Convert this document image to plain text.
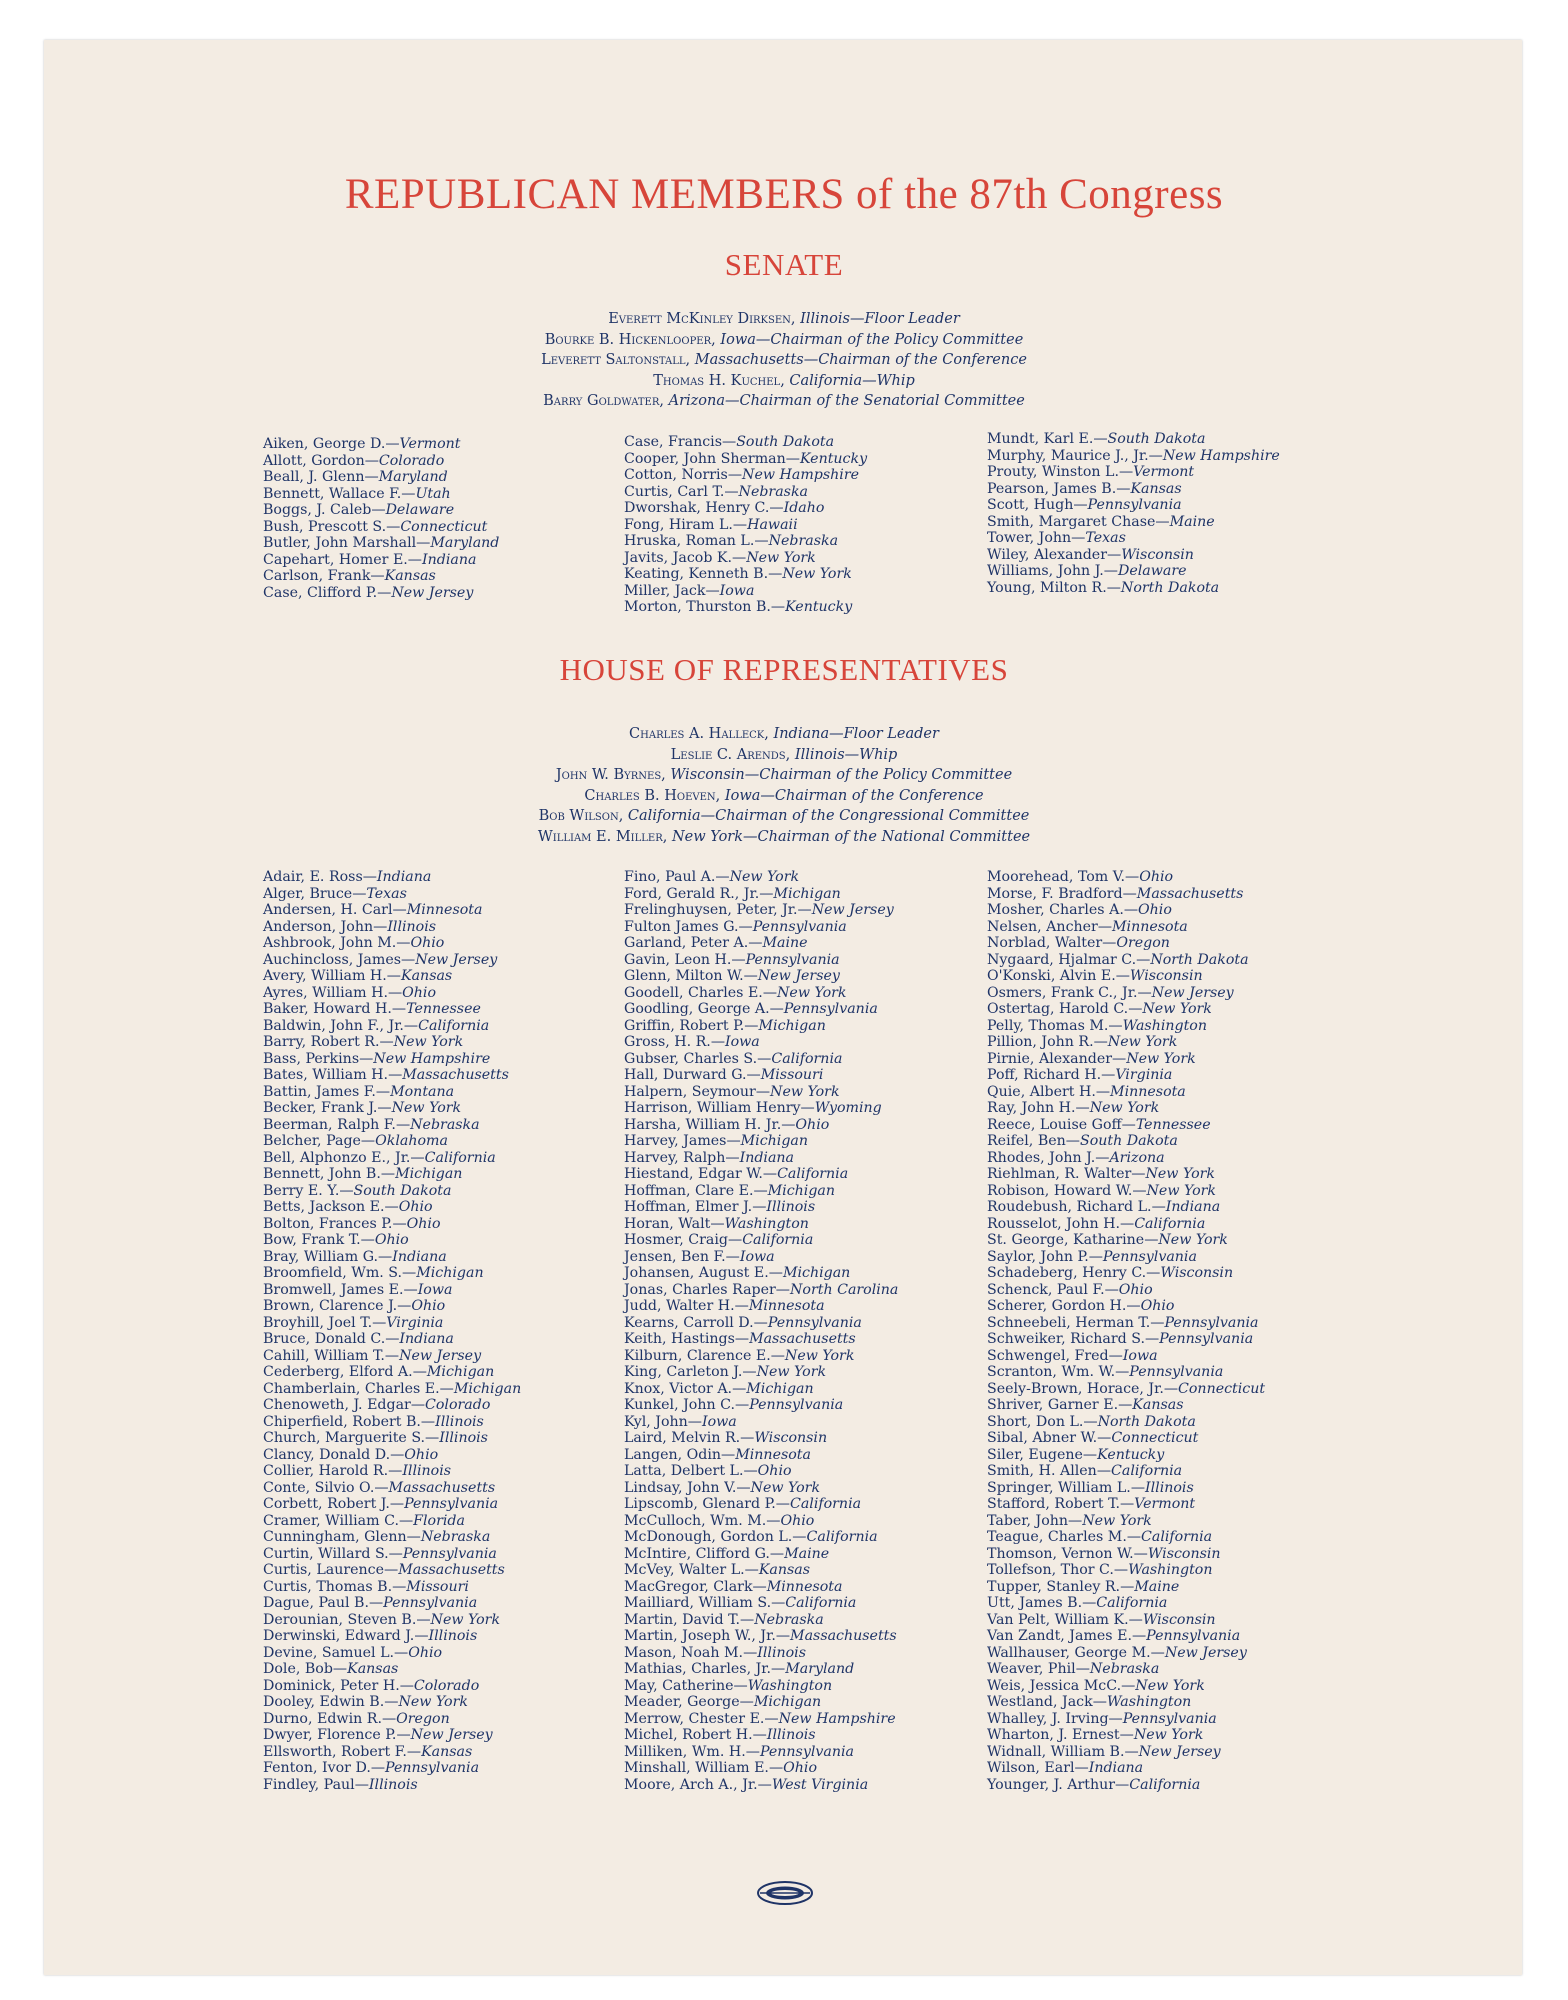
REPUBLICAN MEMBERS of the 87th Congress
SENATE
Everett McKinley Dirksen, Illinois—Floor Leader
Bourke B. Hickenlooper, Iowa—Chairman of the Policy Committee
Leverett Saltonstall, Massachusetts—Chairman of the Conference
Thomas H. Kuchel, California—Whip
Barry Goldwater, Arizona—Chairman of the Senatorial Committee
Aiken, George D.—Vermont
Allott, Gordon—Colorado
Beall, J. Glenn—Maryland
Bennett, Wallace F.—Utah
Boggs, J. Caleb—Delaware
Bush, Prescott S.—Connecticut
Butler, John Marshall—Maryland
Capehart, Homer E.—Indiana
Carlson, Frank—Kansas
Case, Clifford P.—New Jersey
Case, Francis—South Dakota
Cooper, John Sherman—Kentucky
Cotton, Norris—New Hampshire
Curtis, Carl T.—Nebraska
Dworshak, Henry C.—Idaho
Fong, Hiram L.—Hawaii
Hruska, Roman L.—Nebraska
Javits, Jacob K.—New York
Keating, Kenneth B.—New York
Miller, Jack—Iowa
Morton, Thurston B.—Kentucky
Mundt, Karl E.—South Dakota
Murphy, Maurice J., Jr.—New Hampshire
Prouty, Winston L.—Vermont
Pearson, James B.—Kansas
Scott, Hugh—Pennsylvania
Smith, Margaret Chase—Maine
Tower, John—Texas
Wiley, Alexander—Wisconsin
Williams, John J.—Delaware
Young, Milton R.—North Dakota
HOUSE OF REPRESENTATIVES
Charles A. Halleck, Indiana—Floor Leader
Leslie C. Arends, Illinois—Whip
John W. Byrnes, Wisconsin—Chairman of the Policy Committee
Charles B. Hoeven, Iowa—Chairman of the Conference
Bob Wilson, California—Chairman of the Congressional Committee
William E. Miller, New York—Chairman of the National Committee
Adair, E. Ross—Indiana
Alger, Bruce—Texas
Andersen, H. Carl—Minnesota
Anderson, John—Illinois
Ashbrook, John M.—Ohio
Auchincloss, James—New Jersey
Avery, William H.—Kansas
Ayres, William H.—Ohio
Baker, Howard H.—Tennessee
Baldwin, John F., Jr.—California
Barry, Robert R.—New York
Bass, Perkins—New Hampshire
Bates, William H.—Massachusetts
Battin, James F.—Montana
Becker, Frank J.—New York
Beerman, Ralph F.—Nebraska
Belcher, Page—Oklahoma
Bell, Alphonzo E., Jr.—California
Bennett, John B.—Michigan
Berry E. Y.—South Dakota
Betts, Jackson E.—Ohio
Bolton, Frances P.—Ohio
Bow, Frank T.—Ohio
Bray, William G.—Indiana
Broomfield, Wm. S.—Michigan
Bromwell, James E.—Iowa
Brown, Clarence J.—Ohio
Broyhill, Joel T.—Virginia
Bruce, Donald C.—Indiana
Cahill, William T.—New Jersey
Cederberg, Elford A.—Michigan
Chamberlain, Charles E.—Michigan
Chenoweth, J. Edgar—Colorado
Chiperfield, Robert B.—Illinois
Church, Marguerite S.—Illinois
Clancy, Donald D.—Ohio
Collier, Harold R.—Illinois
Conte, Silvio O.—Massachusetts
Corbett, Robert J.—Pennsylvania
Cramer, William C.—Florida
Cunningham, Glenn—Nebraska
Curtin, Willard S.—Pennsylvania
Curtis, Laurence—Massachusetts
Curtis, Thomas B.—Missouri
Dague, Paul B.—Pennsylvania
Derounian, Steven B.—New York
Derwinski, Edward J.—Illinois
Devine, Samuel L.—Ohio
Dole, Bob—Kansas
Dominick, Peter H.—Colorado
Dooley, Edwin B.—New York
Durno, Edwin R.—Oregon
Dwyer, Florence P.—New Jersey
Ellsworth, Robert F.—Kansas
Fenton, Ivor D.—Pennsylvania
Findley, Paul—Illinois
Fino, Paul A.—New York
Ford, Gerald R., Jr.—Michigan
Frelinghuysen, Peter, Jr.—New Jersey
Fulton James G.—Pennsylvania
Garland, Peter A.—Maine
Gavin, Leon H.—Pennsylvania
Glenn, Milton W.—New Jersey
Goodell, Charles E.—New York
Goodling, George A.—Pennsylvania
Griffin, Robert P.—Michigan
Gross, H. R.—Iowa
Gubser, Charles S.—California
Hall, Durward G.—Missouri
Halpern, Seymour—New York
Harrison, William Henry—Wyoming
Harsha, William H. Jr.—Ohio
Harvey, James—Michigan
Harvey, Ralph—Indiana
Hiestand, Edgar W.—California
Hoffman, Clare E.—Michigan
Hoffman, Elmer J.—Illinois
Horan, Walt—Washington
Hosmer, Craig—California
Jensen, Ben F.—Iowa
Johansen, August E.—Michigan
Jonas, Charles Raper—North Carolina
Judd, Walter H.—Minnesota
Kearns, Carroll D.—Pennsylvania
Keith, Hastings—Massachusetts
Kilburn, Clarence E.—New York
King, Carleton J.—New York
Knox, Victor A.—Michigan
Kunkel, John C.—Pennsylvania
Kyl, John—Iowa
Laird, Melvin R.—Wisconsin
Langen, Odin—Minnesota
Latta, Delbert L.—Ohio
Lindsay, John V.—New York
Lipscomb, Glenard P.—California
McCulloch, Wm. M.—Ohio
McDonough, Gordon L.—California
McIntire, Clifford G.—Maine
McVey, Walter L.—Kansas
MacGregor, Clark—Minnesota
Mailliard, William S.—California
Martin, David T.—Nebraska
Martin, Joseph W., Jr.—Massachusetts
Mason, Noah M.—Illinois
Mathias, Charles, Jr.—Maryland
May, Catherine—Washington
Meader, George—Michigan
Merrow, Chester E.—New Hampshire
Michel, Robert H.—Illinois
Milliken, Wm. H.—Pennsylvania
Minshall, William E.—Ohio
Moore, Arch A., Jr.—West Virginia
Moorehead, Tom V.—Ohio
Morse, F. Bradford—Massachusetts
Mosher, Charles A.—Ohio
Nelsen, Ancher—Minnesota
Norblad, Walter—Oregon
Nygaard, Hjalmar C.—North Dakota
O'Konski, Alvin E.—Wisconsin
Osmers, Frank C., Jr.—New Jersey
Ostertag, Harold C.—New York
Pelly, Thomas M.—Washington
Pillion, John R.—New York
Pirnie, Alexander—New York
Poff, Richard H.—Virginia
Quie, Albert H.—Minnesota
Ray, John H.—New York
Reece, Louise Goff—Tennessee
Reifel, Ben—South Dakota
Rhodes, John J.—Arizona
Riehlman, R. Walter—New York
Robison, Howard W.—New York
Roudebush, Richard L.—Indiana
Rousselot, John H.—California
St. George, Katharine—New York
Saylor, John P.—Pennsylvania
Schadeberg, Henry C.—Wisconsin
Schenck, Paul F.—Ohio
Scherer, Gordon H.—Ohio
Schneebeli, Herman T.—Pennsylvania
Schweiker, Richard S.—Pennsylvania
Schwengel, Fred—Iowa
Scranton, Wm. W.—Pennsylvania
Seely-Brown, Horace, Jr.—Connecticut
Shriver, Garner E.—Kansas
Short, Don L.—North Dakota
Sibal, Abner W.—Connecticut
Siler, Eugene—Kentucky
Smith, H. Allen—California
Springer, William L.—Illinois
Stafford, Robert T.—Vermont
Taber, John—New York
Teague, Charles M.—California
Thomson, Vernon W.—Wisconsin
Tollefson, Thor C.—Washington
Tupper, Stanley R.—Maine
Utt, James B.—California
Van Pelt, William K.—Wisconsin
Van Zandt, James E.—Pennsylvania
Wallhauser, George M.—New Jersey
Weaver, Phil—Nebraska
Weis, Jessica McC.—New York
Westland, Jack—Washington
Whalley, J. Irving—Pennsylvania
Wharton, J. Ernest—New York
Widnall, William B.—New Jersey
Wilson, Earl—Indiana
Younger, J. Arthur—California
